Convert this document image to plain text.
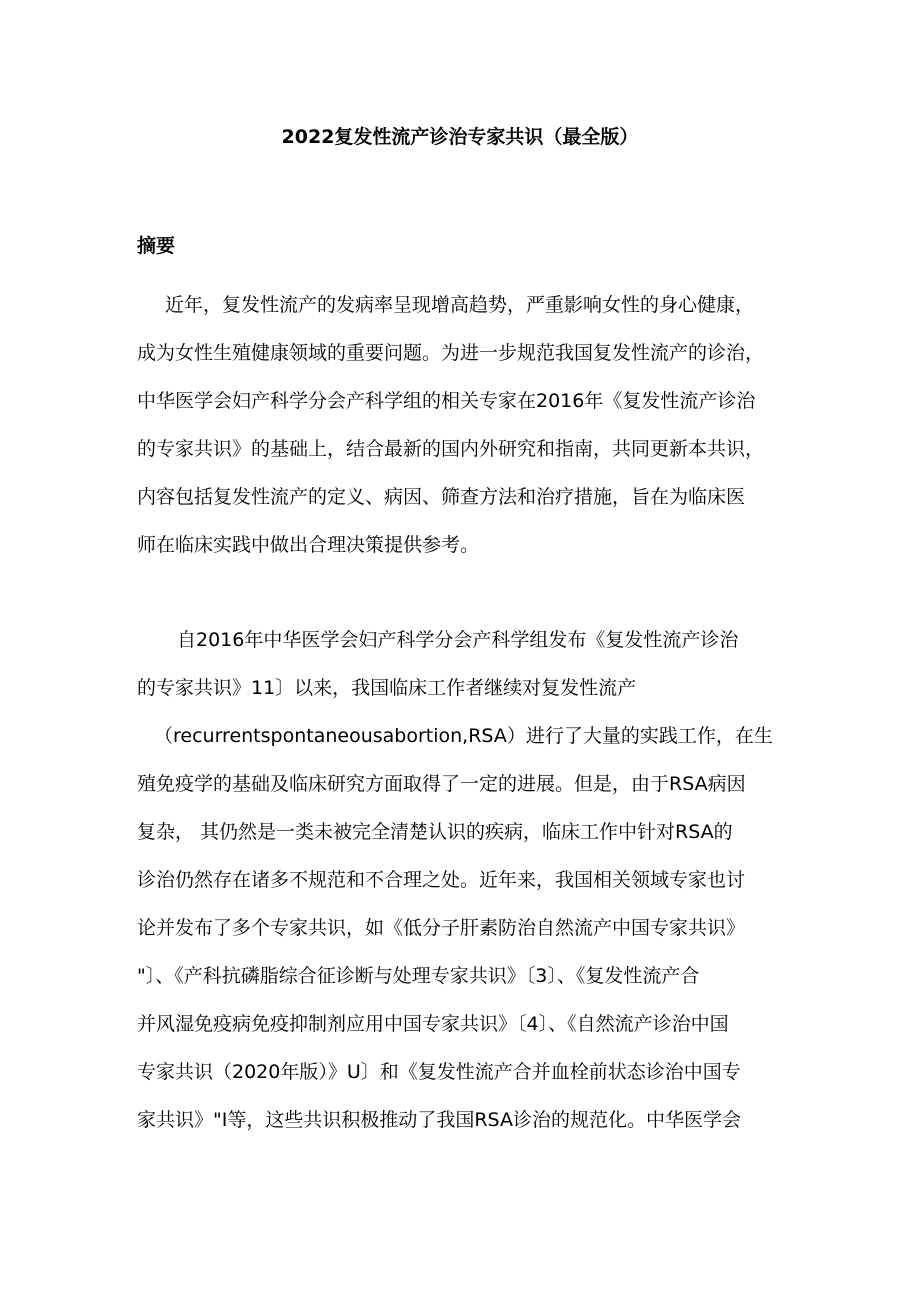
2022复发性流产诊治专家共识（最全版）
摘要
近年，复发性流产的发病率呈现增高趋势，严重影响女性的身心健康，
成为女性生殖健康领域的重要问题。为进一步规范我国复发性流产的诊治，
中华医学会妇产科学分会产科学组的相关专家在2016年《复发性流产诊治
的专家共识》的基础上，结合最新的国内外研究和指南，共同更新本共识，
内容包括复发性流产的定义、病因、筛查方法和治疗措施，旨在为临床医
师在临床实践中做出合理决策提供参考。
自2016年中华医学会妇产科学分会产科学组发布《复发性流产诊治
的专家共识》11〕以来，我国临床工作者继续对复发性流产
（recurrentspontaneousabortion,RSA）进行了大量的实践工作，在生
殖免疫学的基础及临床研究方面取得了一定的进展。但是，由于RSA病因
复杂， 其仍然是一类未被完全清楚认识的疾病，临床工作中针对RSA的
诊治仍然存在诸多不规范和不合理之处。近年来，我国相关领域专家也讨
论并发布了多个专家共识，如《低分子肝素防治自然流产中国专家共识》
"〕、《产科抗磷脂综合征诊断与处理专家共识》〔3〕、《复发性流产合
并风湿免疫病免疫抑制剂应用中国专家共识》〔4〕、《自然流产诊治中国
专家共识（2020年版）》U〕和《复发性流产合并血栓前状态诊治中国专
家共识》"I等，这些共识积极推动了我国RSA诊治的规范化。中华医学会
